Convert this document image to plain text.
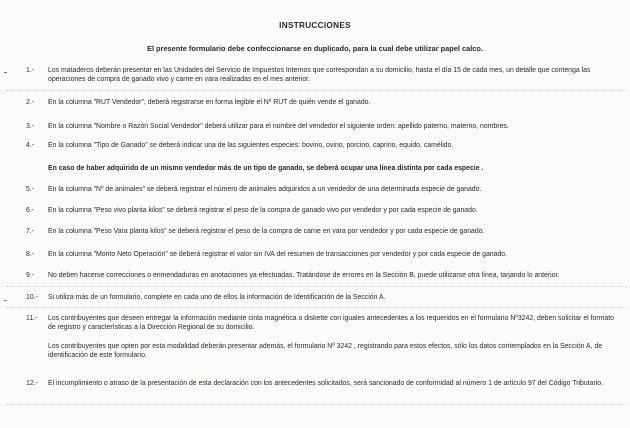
INSTRUCCIONES
El presente formulario debe confeccionarse en duplicado, para la cual debe utilizar papel calco.
1.-	Los mataderos deberán presentar en las Unidades del Servicio de Impuestos Internos que correspondan a su domicilio, hasta el día 15 de cada mes, un detalle que contenga las operaciones de compra de ganado vivo y carne en vara realizadas en el mes anterior.
2.-	En la columna "RUT Vendedor", deberá registrarse en forma legible el Nº RUT de quién vende el ganado.
3.-	En la columna "Nombre o Razón Social Vendedor" deberá utilizar para el nombre del vendedor el siguiente orden: apellido paterno, materno, nombres.
4.-	En la columna "Tipo de Ganado" se deberá indicar una de las siguientes especies: bovino, ovino, porcino, caprino, equido, camélido.
En caso de haber adquirido de un mismo vendedor más de un tipo de ganado, se deberá ocupar una línea distinta por cada especie .
5.-	En la columna "Nº de animales" se deberá registrar el número de animales adquiridos a un vendedor de una determinada especie de ganado.
6.-	En la columna "Peso vivo planta kilos" se deberá registrar el peso de la compra de ganado vivo por vendedor y por cada especie de ganado.
7.-	En la columna "Peso Vara planta kilos" se deberá registrar el peso de la compra de carne en vara por vendedor y por cada especie de ganado.
8.-	En la columna "Monto Neto Operación" se deberá registrar el valor sin IVA del resumen de transacciones por vendedor y por cada especie de ganado.
9.-	No deben hacerse correcciones o enmendaduras en anotaciones ya efectuadas. Tratándose de errores en la Sección B, puede utilizarse otra línea, tarjando lo anterior.
10.-	Si utiliza más de un formulario, complete en cada uno de ellos la información de Identificación de la Sección A.
11.-	Los contribuyentes que deseen entregar la información mediante cinta magnética o diskette con iguales antecedentes a los requeridos en el formulario Nº3242, deben solicitar el formato de registro y características a la Dirección Regional de su domicilio.
Los contribuyentes que opten por esta modalidad deberán presentar además, el formulario Nº 3242 , registrando para estos efectos, sólo los datos contemplados en la Sección A, de identificación de este formulario.
12.-	El incumplimiento o atraso de la presentación de esta declaración con los antecedentes solicitados, será sancionado de conformidad al número 1 de artículo 97 del Código Tributario.
